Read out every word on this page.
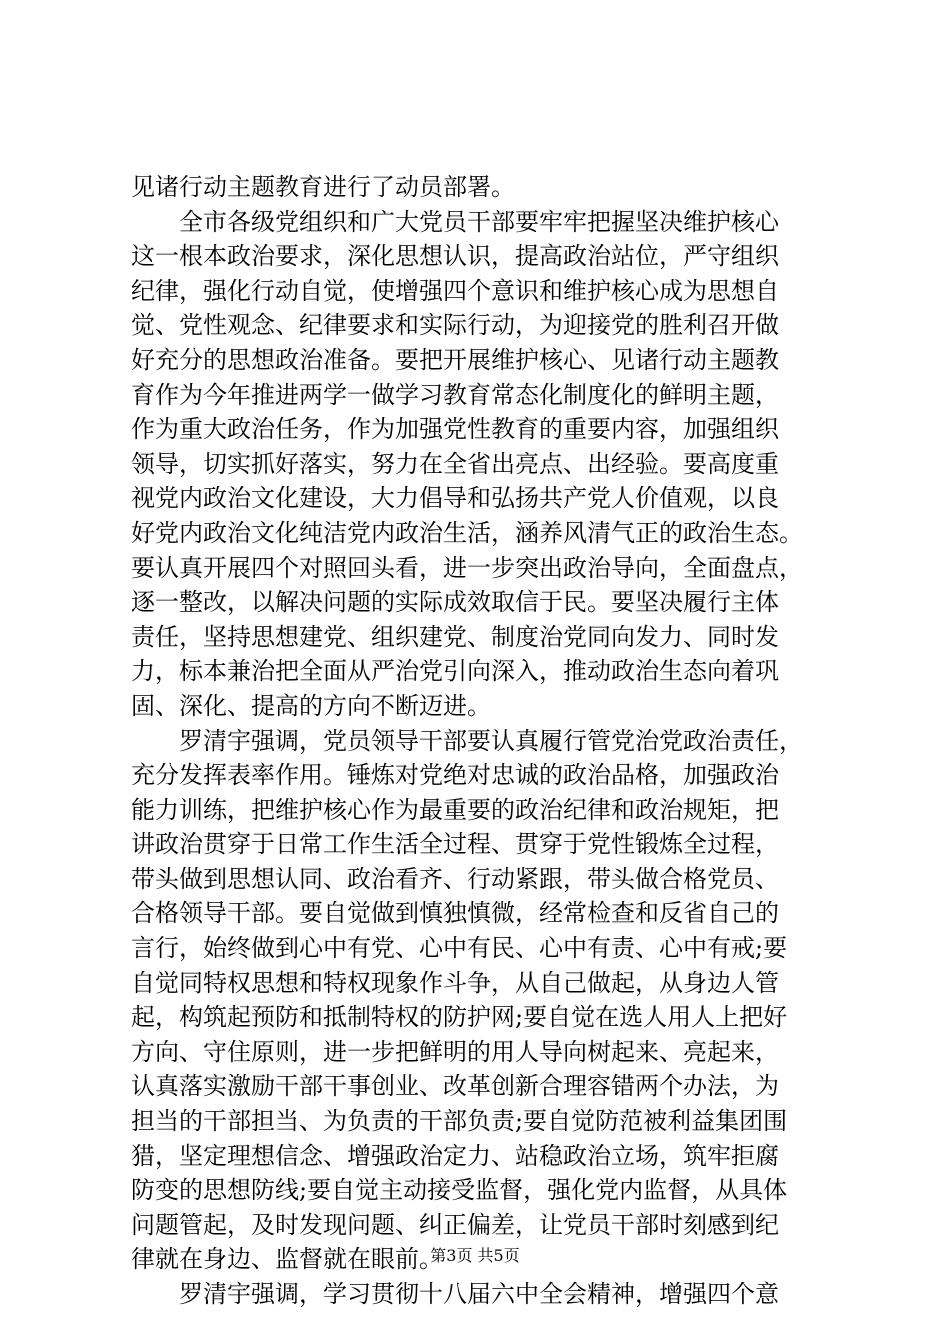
见诸行动主题教育进行了动员部署。
　　全市各级党组织和广大党员干部要牢牢把握坚决维护核心
这一根本政治要求，深化思想认识，提高政治站位，严守组织
纪律，强化行动自觉，使增强四个意识和维护核心成为思想自
觉、党性观念、纪律要求和实际行动，为迎接党的胜利召开做
好充分的思想政治准备。要把开展维护核心、见诸行动主题教
育作为今年推进两学一做学习教育常态化制度化的鲜明主题，
作为重大政治任务，作为加强党性教育的重要内容，加强组织
领导，切实抓好落实，努力在全省出亮点、出经验。要高度重
视党内政治文化建设，大力倡导和弘扬共产党人价值观，以良
好党内政治文化纯洁党内政治生活，涵养风清气正的政治生态。
要认真开展四个对照回头看，进一步突出政治导向，全面盘点，
逐一整改，以解决问题的实际成效取信于民。要坚决履行主体
责任，坚持思想建党、组织建党、制度治党同向发力、同时发
力，标本兼治把全面从严治党引向深入，推动政治生态向着巩
固、深化、提高的方向不断迈进。
　　罗清宇强调，党员领导干部要认真履行管党治党政治责任，
充分发挥表率作用。锤炼对党绝对忠诚的政治品格，加强政治
能力训练，把维护核心作为最重要的政治纪律和政治规矩，把
讲政治贯穿于日常工作生活全过程、贯穿于党性锻炼全过程，
带头做到思想认同、政治看齐、行动紧跟，带头做合格党员、
合格领导干部。要自觉做到慎独慎微，经常检查和反省自己的
言行，始终做到心中有党、心中有民、心中有责、心中有戒;要
自觉同特权思想和特权现象作斗争，从自己做起，从身边人管
起，构筑起预防和抵制特权的防护网;要自觉在选人用人上把好
方向、守住原则，进一步把鲜明的用人导向树起来、亮起来，
认真落实激励干部干事创业、改革创新合理容错两个办法，为
担当的干部担当、为负责的干部负责;要自觉防范被利益集团围
猎，坚定理想信念、增强政治定力、站稳政治立场，筑牢拒腐
防变的思想防线;要自觉主动接受监督，强化党内监督，从具体
问题管起，及时发现问题、纠正偏差，让党员干部时刻感到纪
律就在身边、监督就在眼前。
　　罗清宇强调，学习贯彻十八届六中全会精神，增强四个意
第3页 共5页
